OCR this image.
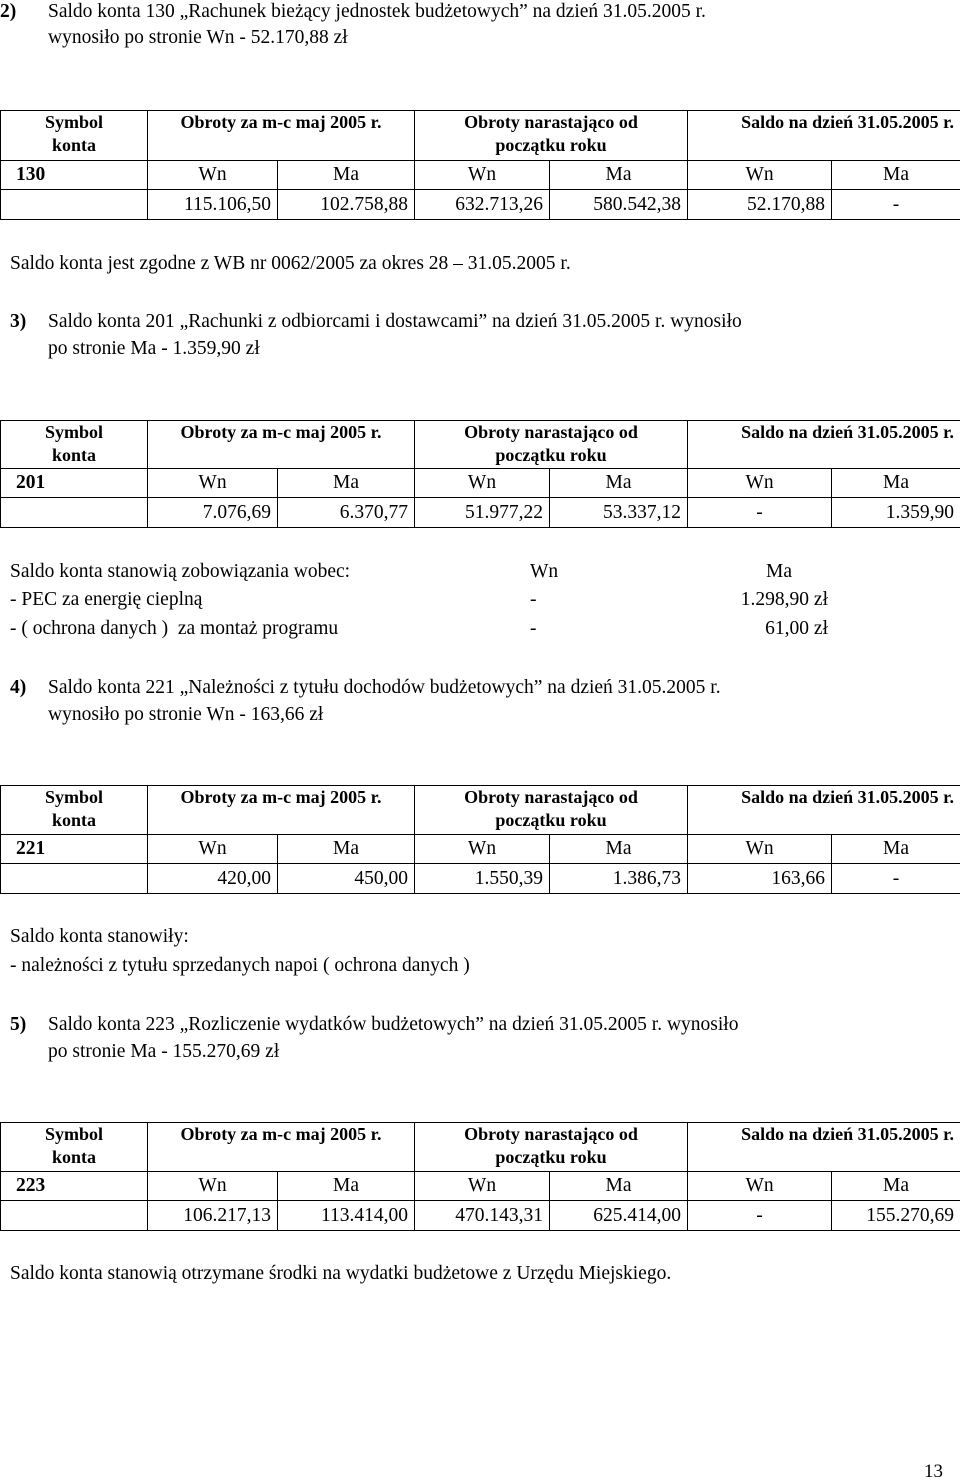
2) Saldo konta 130 „Rachunek bieżący jednostek budżetowych” na dzień 31.05.2005 r.
wynosiło po stronie Wn - 52.170,88 zł
Symbol
konta	Obroty za m-c maj 2005 r.		Obroty narastająco od
początku roku		Saldo na dzień 31.05.2005 r.	
130	Wn	Ma	Wn	Ma	Wn	Ma
	115.106,50	102.758,88	632.713,26	580.542,38	52.170,88	-
Saldo konta jest zgodne z WB nr 0062/2005 za okres 28 – 31.05.2005 r.
3) Saldo konta 201 „Rachunki z odbiorcami i dostawcami” na dzień 31.05.2005 r. wynosiło
po stronie Ma - 1.359,90 zł
Symbol
konta	Obroty za m-c maj 2005 r.		Obroty narastająco od
początku roku		Saldo na dzień 31.05.2005 r.	
201	Wn	Ma	Wn	Ma	Wn	Ma
	7.076,69	6.370,77	51.977,22	53.337,12	-	1.359,90
Saldo konta stanowią zobowiązania wobec:	Wn	Ma
- PEC za energię cieplną	-	1.298,90 zł
- ( ochrona danych )  za montaż programu	-	61,00 zł
4) Saldo konta 221 „Należności z tytułu dochodów budżetowych” na dzień 31.05.2005 r.
wynosiło po stronie Wn - 163,66 zł
Symbol
konta	Obroty za m-c maj 2005 r.		Obroty narastająco od
początku roku		Saldo na dzień 31.05.2005 r.	
221	Wn	Ma	Wn	Ma	Wn	Ma
	420,00	450,00	1.550,39	1.386,73	163,66	-
Saldo konta stanowiły:
- należności z tytułu sprzedanych napoi ( ochrona danych )
5) Saldo konta 223 „Rozliczenie wydatków budżetowych” na dzień 31.05.2005 r. wynosiło
po stronie Ma - 155.270,69 zł
Symbol
konta	Obroty za m-c maj 2005 r.		Obroty narastająco od
początku roku		Saldo na dzień 31.05.2005 r.	
223	Wn	Ma	Wn	Ma	Wn	Ma
	106.217,13	113.414,00	470.143,31	625.414,00	-	155.270,69
Saldo konta stanowią otrzymane środki na wydatki budżetowe z Urzędu Miejskiego.
13
